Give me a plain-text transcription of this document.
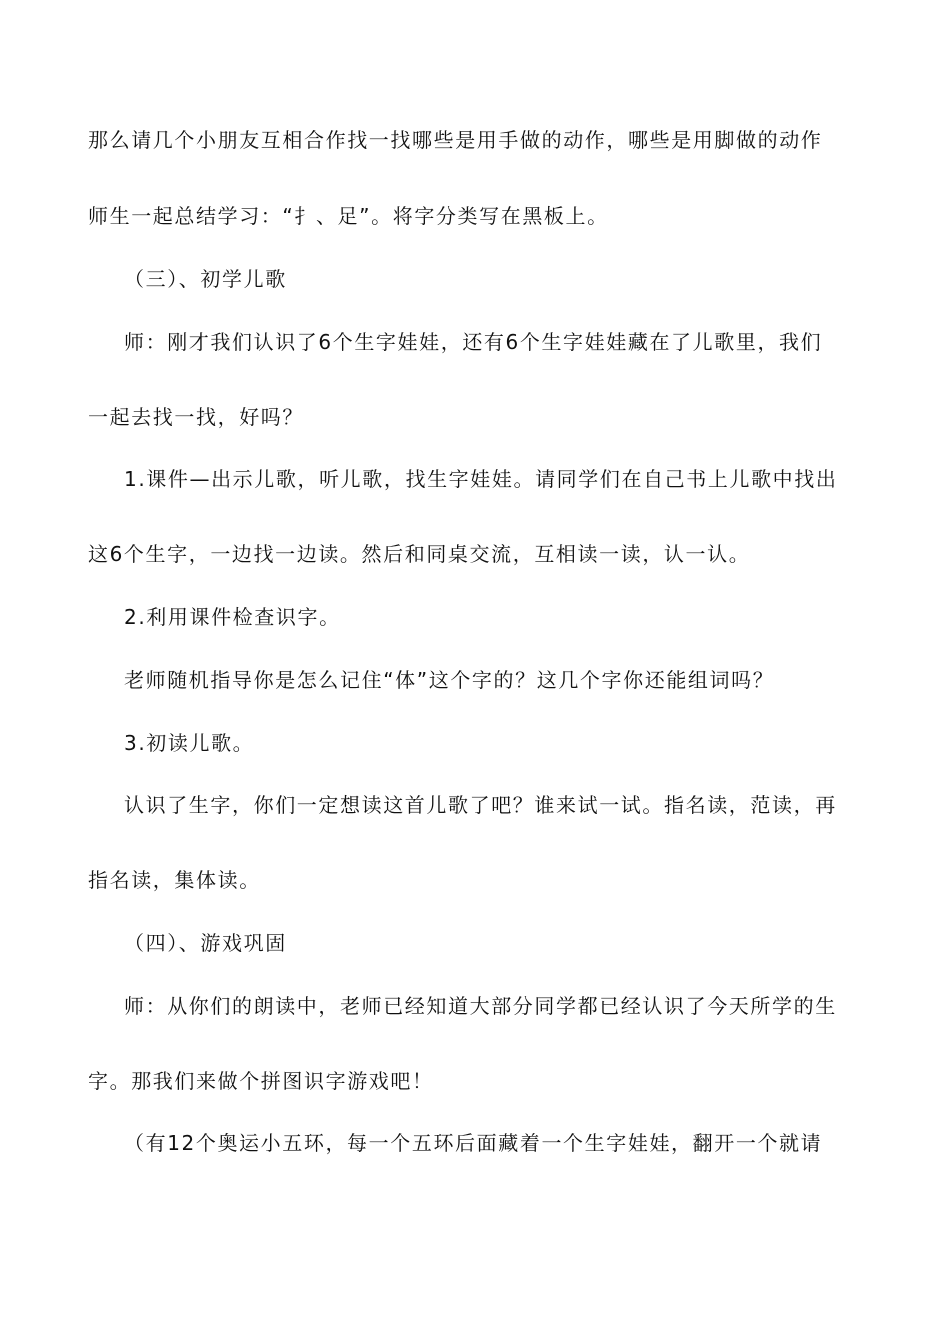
那么请几个小朋友互相合作找一找哪些是用手做的动作，哪些是用脚做的动作
师生一起总结学习：“扌、足”。将字分类写在黑板上。
（三）、初学儿歌
师：刚才我们认识了6个生字娃娃，还有6个生字娃娃藏在了儿歌里，我们
一起去找一找，好吗？
1.课件—出示儿歌，听儿歌，找生字娃娃。请同学们在自己书上儿歌中找出
这6个生字，一边找一边读。然后和同桌交流，互相读一读，认一认。
2.利用课件检查识字。
老师随机指导你是怎么记住“体”这个字的？这几个字你还能组词吗？
3.初读儿歌。
认识了生字，你们一定想读这首儿歌了吧？谁来试一试。指名读，范读，再
指名读，集体读。
（四）、游戏巩固
师：从你们的朗读中，老师已经知道大部分同学都已经认识了今天所学的生
字。那我们来做个拼图识字游戏吧！
（有12个奥运小五环，每一个五环后面藏着一个生字娃娃，翻开一个就请
